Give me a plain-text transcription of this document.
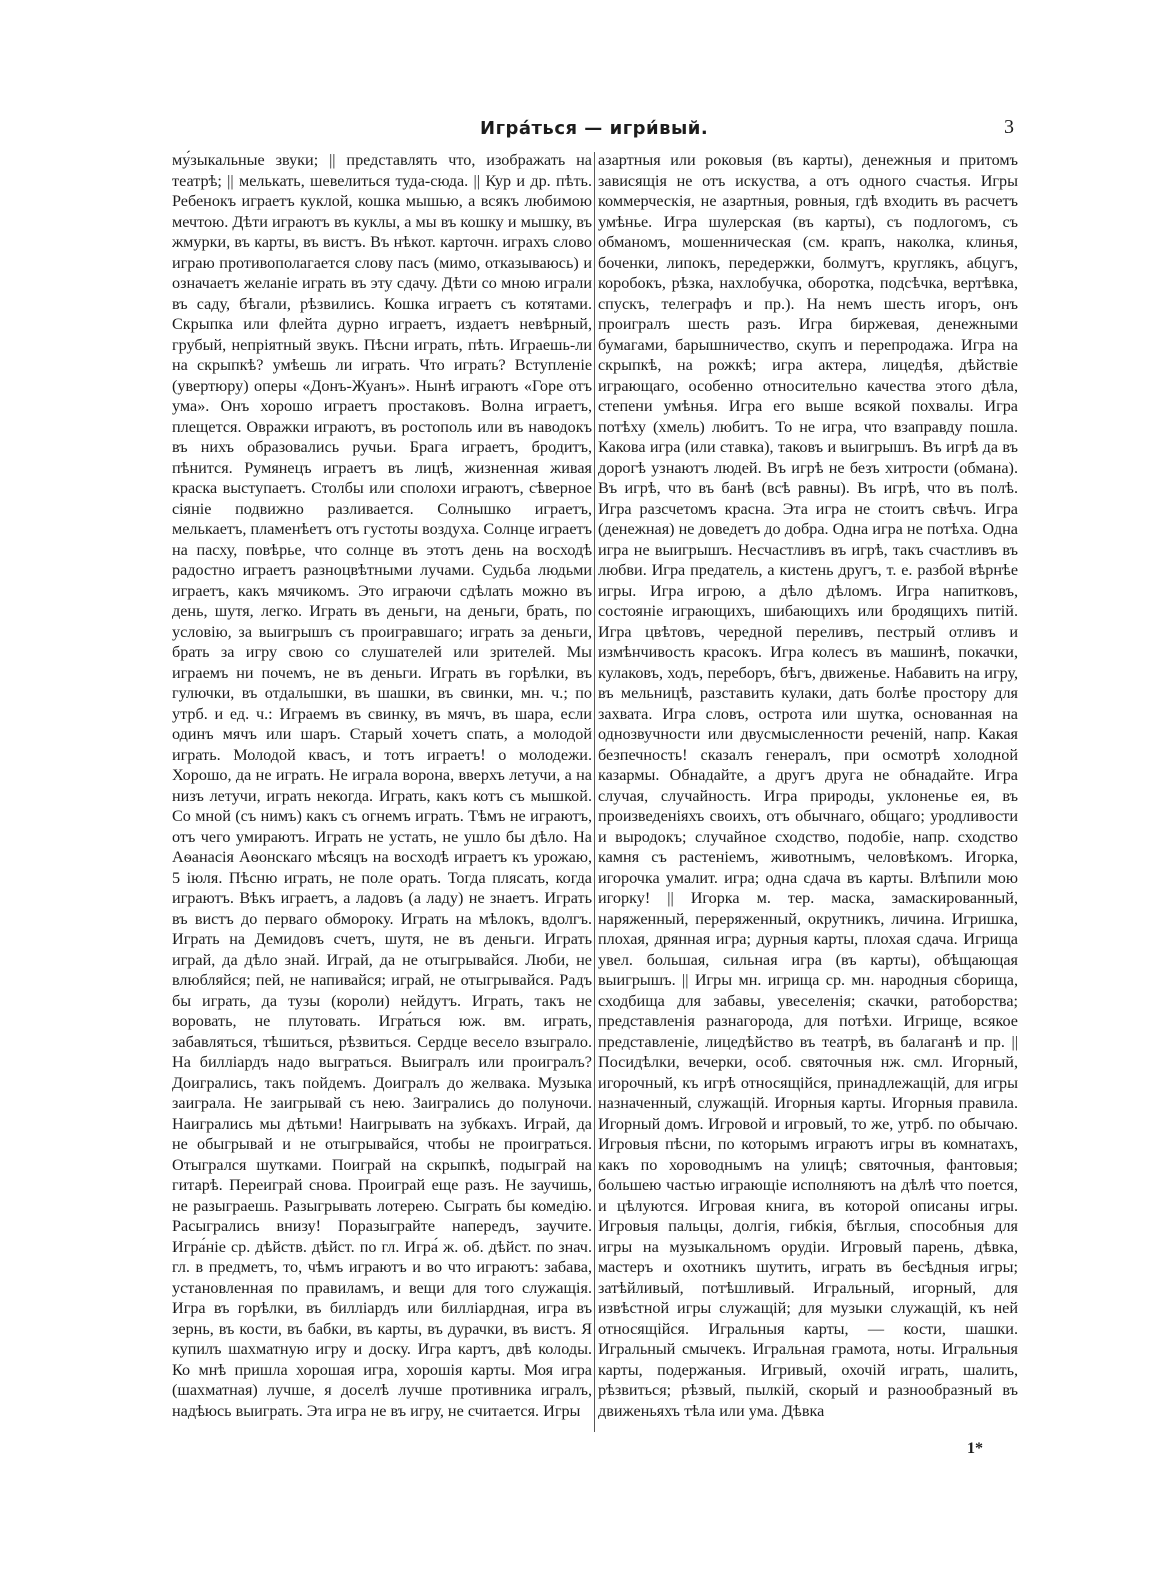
Игра́ться — игри́вый.	3

му́зыкальные звуки; || представлять что, изображать на театрѣ; || мелькать, шевелиться туда-сюда. || Кур и др. пѣть. Ребенокъ играетъ куклой, кошка мышью, а всякъ любимою мечтою. Дѣти играютъ въ куклы, а мы въ кошку и мышку, въ жмурки, въ карты, въ вистъ. Въ нѣкот. карточн. играхъ слово играю противополагается слову пасъ (мимо, отказываюсь) и означаетъ желаніе играть въ эту сдачу. Дѣти со мною играли въ саду, бѣгали, рѣзвились. Кошка играетъ съ котятами. Скрыпка или флейта дурно играетъ, издаетъ невѣрный, грубый, непріятный звукъ. Пѣсни играть, пѣть. Играешь-ли на скрыпкѣ? умѣешь ли играть. Что играть? Вступленіе (увертюру) оперы «Донъ-Жуанъ». Нынѣ играютъ «Горе отъ ума». Онъ хорошо играетъ простаковъ. Волна играетъ, плещется. Овражки играютъ, въ ростополь или въ наводокъ въ нихъ образовались ручьи. Брага играетъ, бродитъ, пѣнится. Румянецъ играетъ въ лицѣ, жизненная живая краска выступаетъ. Столбы или сполохи играютъ, сѣверное сіяніе подвижно разливается. Солнышко играетъ, мелькаетъ, пламенѣетъ отъ густоты воздуха. Солнце играетъ на пасху, повѣрье, что солнце въ этотъ день на восходѣ радостно играетъ разноцвѣтными лучами. Судьба людьми играетъ, какъ мячикомъ. Это играючи сдѣлать можно въ день, шутя, легко. Играть въ деньги, на деньги, брать, по условію, за выигрышъ съ проигравшаго; играть за деньги, брать за игру свою со слушателей или зрителей. Мы играемъ ни почемъ, не въ деньги. Играть въ горѣлки, въ гулючки, въ отдалышки, въ шашки, въ свинки, мн. ч.; по утрб. и ед. ч.: Играемъ въ свинку, въ мячъ, въ шара, если одинъ мячъ или шаръ. Старый хочетъ спать, а молодой играть. Молодой квасъ, и тотъ играетъ! о молодежи. Хорошо, да не играть. Не играла ворона, вверхъ летучи, а на низъ летучи, играть некогда. Играть, какъ котъ съ мышкой. Со мной (съ нимъ) какъ съ огнемъ играть. Тѣмъ не играютъ, отъ чего умираютъ. Играть не устать, не ушло бы дѣло. На Аѳанасія Аѳонскаго мѣсяцъ на восходѣ играетъ къ урожаю, 5 іюля. Пѣсню играть, не поле орать. Тогда плясать, когда играютъ. Вѣкъ играетъ, а ладовъ (а ладу) не знаетъ. Играть въ вистъ до перваго обмороку. Играть на мѣлокъ, вдолгъ. Играть на Демидовъ счетъ, шутя, не въ деньги. Играть играй, да дѣло знай. Играй, да не отыгрывайся. Люби, не влюбляйся; пей, не напивайся; играй, не отыгрывайся. Радъ бы играть, да тузы (короли) нейдутъ. Играть, такъ не воровать, не плутовать. Игра́ться юж. вм. играть, забавляться, тѣшиться, рѣзвиться. Сердце весело взыграло. На билліардъ надо выграться. Выигралъ или проигралъ? Доигрались, такъ пойдемъ. Доигралъ до желвака. Музыка заиграла. Не заигрывай съ нею. Заигрались до полуночи. Наигрались мы дѣтьми! Наигрывать на зубкахъ. Играй, да не обыгрывай и не отыгрывайся, чтобы не проиграться. Отыгрался шутками. Поиграй на скрыпкѣ, подыграй на гитарѣ. Переиграй снова. Проиграй еще разъ. Не заучишь, не разыграешь. Разыгрывать лотерею. Сыграть бы комедію. Расыгрались внизу! Поразыграйте напередъ, заучите. Игра́ніе ср. дѣйств. дѣйст. по гл. Игра́ ж. об. дѣйст. по знач. гл. в предметъ, то, чѣмъ играютъ и во что играютъ: забава, установленная по правиламъ, и вещи для того служащія. Игра въ горѣлки, въ билліардъ или билліардная, игра въ зернь, въ кости, въ бабки, въ карты, въ дурачки, въ вистъ. Я купилъ шахматную игру и доску. Игра картъ, двѣ колоды. Ко мнѣ пришла хорошая игра, хорошія карты. Моя игра (шахматная) лучше, я доселѣ лучше противника игралъ, надѣюсь выиграть. Эта игра не въ игру, не считается. Игры

азартныя или роковыя (въ карты), денежныя и притомъ зависящія не отъ искуства, а отъ одного счастья. Игры коммерческія, не азартныя, ровныя, гдѣ входить въ расчетъ умѣнье. Игра шулерская (въ карты), съ подлогомъ, съ обманомъ, мошенническая (см. крапъ, наколка, клинья, боченки, липокъ, передержки, болмутъ, круглякъ, абцугъ, коробокъ, рѣзка, нахлобучка, оборотка, подсѣчка, вертѣвка, спускъ, телеграфъ и пр.). На немъ шесть игоръ, онъ проигралъ шесть разъ. Игра биржевая, денежными бумагами, барышничество, скупъ и перепродажа. Игра на скрыпкѣ, на рожкѣ; игра актера, лицедѣя, дѣйствіе играющаго, особенно относительно качества этого дѣла, степени умѣнья. Игра его выше всякой похвалы. Игра потѣху (хмель) любитъ. То не игра, что взаправду пошла. Какова игра (или ставка), таковъ и выигрышъ. Въ игрѣ да въ дорогѣ узнаютъ людей. Въ игрѣ не безъ хитрости (обмана). Въ игрѣ, что въ банѣ (всѣ равны). Въ игрѣ, что въ полѣ. Игра разсчетомъ красна. Эта игра не стоитъ свѣчъ. Игра (денежная) не доведетъ до добра. Одна игра не потѣха. Одна игра не выигрышъ. Несчастливъ въ игрѣ, такъ счастливъ въ любви. Игра предатель, а кистень другъ, т. е. разбой вѣрнѣе игры. Игра игрою, а дѣло дѣломъ. Игра напитковъ, состояніе играющихъ, шибающихъ или бродящихъ питій. Игра цвѣтовъ, чередной переливъ, пестрый отливъ и измѣнчивость красокъ. Игра колесъ въ машинѣ, покачки, кулаковъ, ходъ, переборъ, бѣгъ, движенье. Набавить на игру, въ мельницѣ, разставить кулаки, дать болѣе простору для захвата. Игра словъ, острота или шутка, основанная на однозвучности или двусмысленности реченій, напр. Какая безпечность! сказалъ генералъ, при осмотрѣ холодной казармы. Обнадайте, а другъ друга не обнадайте. Игра случая, случайность. Игра природы, уклоненье ея, въ произведеніяхъ своихъ, отъ обычнаго, общаго; уродливости и выродокъ; случайное сходство, подобіе, напр. сходство камня съ растеніемъ, животнымъ, человѣкомъ. Игорка, игорочка умалит. игра; одна сдача въ карты. Влѣпили мою игорку! || Игорка м. тер. маска, замаскированный, наряженный, переряженный, окрутникъ, личина. Игришка, плохая, дрянная игра; дурныя карты, плохая сдача. Игрища увел. большая, сильная игра (въ карты), обѣщающая выигрышъ. || Игры мн. игрища ср. мн. народныя сборища, сходбища для забавы, увеселенія; скачки, ратоборства; представленія разнагорода, для потѣхи. Игрище, всякое представленіе, лицедѣйство въ театрѣ, въ балаганѣ и пр. || Посидѣлки, вечерки, особ. святочныя нж. смл. Игорный, игорочный, къ игрѣ относящійся, принадлежащій, для игры назначенный, служащій. Игорныя карты. Игорныя правила. Игорный домъ. Игровой и игровый, то же, утрб. по обычаю. Игровыя пѣсни, по которымъ играютъ игры въ комнатахъ, какъ по хороводнымъ на улицѣ; святочныя, фантовыя; большею частью играющіе исполняютъ на дѣлѣ что поется, и цѣлуются. Игровая книга, въ которой описаны игры. Игровыя пальцы, долгія, гибкія, бѣглыя, способныя для игры на музыкальномъ орудіи. Игровый парень, дѣвка, мастеръ и охотникъ шутить, играть въ бесѣдныя игры; затѣйливый, потѣшливый. Игральный, игорный, для извѣстной игры служащій; для музыки служащій, къ ней относящійся. Игральныя карты, — кости, шашки. Игральный смычекъ. Игральная грамота, ноты. Игральныя карты, подержаныя. Игривый, охочій играть, шалить, рѣзвиться; рѣзвый, пылкій, скорый и разнообразный въ движеньяхъ тѣла или ума. Дѣвка

1*
